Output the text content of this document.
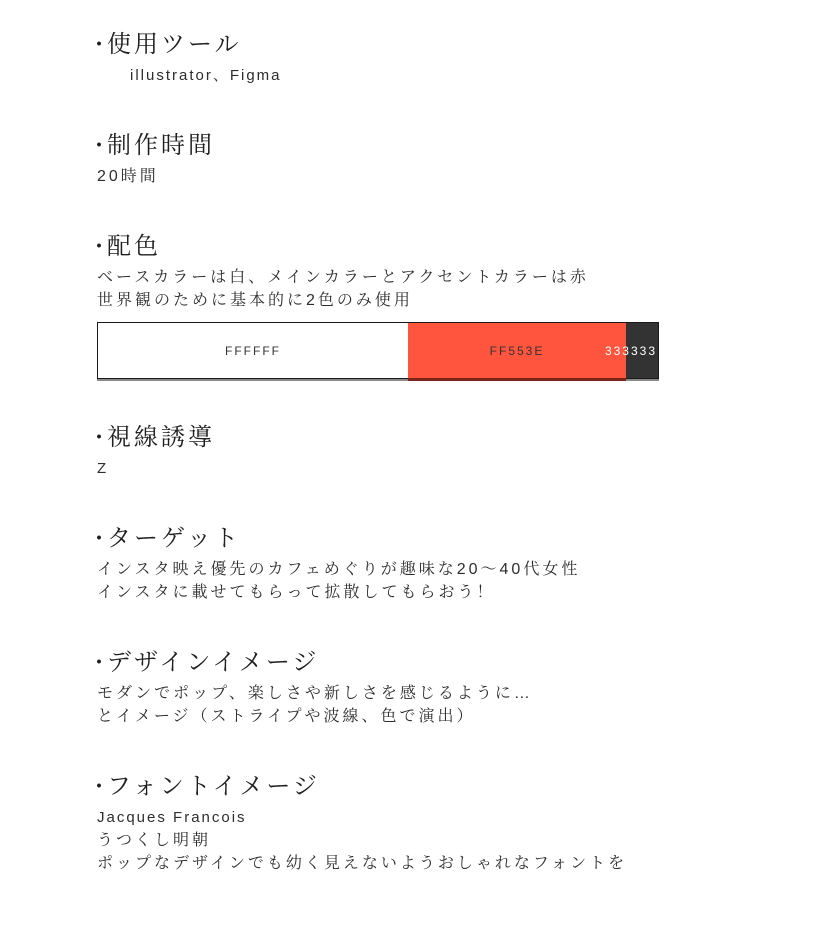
・
使用ツール
illustrator、Figma
・
制作時間
20時間
・
配色
ベースカラーは白、メインカラーとアクセントカラーは赤
世界観のために基本的に2色のみ使用
FFFFFF	FF553E	333333
・
視線誘導
Z
・
ターゲット
インスタ映え優先のカフェめぐりが趣味な20〜40代女性
インスタに載せてもらって拡散してもらおう！
・
デザインイメージ
モダンでポップ、楽しさや新しさを感じるように…
とイメージ（ストライプや波線、色で演出）
・
フォントイメージ
Jacques Francois
うつくし明朝
ポップなデザインでも幼く見えないようおしゃれなフォントを
